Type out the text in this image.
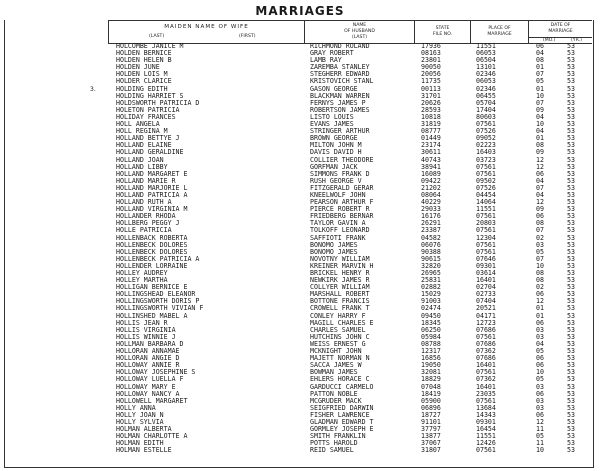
MARRIAGES
MAIDEN NAME OF WIFE
(LAST)	(FIRST)
NAME
OF HUSBAND
(LAST)
STATE
FILE NO.
PLACE OF
MARRIAGE
DATE OF
MARRIAGE
(MO.)	(YR.)
3.
HOLCOMBE JANICE M	RICHMOND ROLAND	17936	11551	06	53
HOLDEN BERNICE	GRAY ROBERT	08163	06053	04	53
HOLDEN HELEN B	LAMB RAY	23801	06504	08	53
HOLDEN JUNE	ZAREMBA STANLEY	90050	13101	01	53
HOLDEN LOIS M	STEGHERR EDWARD	20056	02346	07	53
HOLDER CLARICE	KRISTOVICH STANL	11735	06053	05	53
HOLDING EDITH	GASON GEORGE	00113	02346	01	53
HOLDING HARRIET S	BLACKMAN WARREN	31701	06455	10	53
HOLDSWORTH PATRICIA D	FERNYS JAMES P	20626	05704	07	53
HOLETON PATRICIA	ROBERTSON JAMES	28593	17404	09	53
HOLIDAY FRANCES	LISTO LOUIS	10818	80603	04	53
HOLL ANGELA	EVANS JAMES	31819	07561	10	53
HOLL REGINA M	STRINGER ARTHUR	08777	07526	04	53
HOLLAND BETTYE J	BROWN GEORGE	01449	09052	01	53
HOLLAND ELAINE	MILTON JOHN M	23174	02223	08	53
HOLLAND GERALDINE	DAVIS DAVID H	30611	16403	09	53
HOLLAND JOAN	COLLIER THEODORE	40743	03723	12	53
HOLLAND LIBBY	GORFMAN JACK	38941	07561	12	53
HOLLAND MARGARET E	SIMMONS FRANK D	16089	07561	06	53
HOLLAND MARIE R	RUSH GEORGE V	09422	09502	04	53
HOLLAND MARJORIE L	FITZGERALD GERAR	21202	07526	07	53
HOLLAND PATRICIA A	KNEELWOLF JOHN	08064	04454	04	53
HOLLAND RUTH A	PEARSON ARTHUR F	40229	14064	12	53
HOLLAND VIRGINIA M	PIERCE ROBERT R	29033	11551	09	53
HOLLANDER RHODA	FRIEDBERG BERNAR	16176	07561	06	53
HOLLBERG PEGGY J	TAYLOR GAVIN A	26291	20803	08	53
HOLLE PATRICIA	TOLKOFF LEONARD	23387	07561	07	53
HOLLENBACK ROBERTA	SAFFIOTI FRANK	04582	12304	02	53
HOLLENBECK DOLORES	BONOMO JAMES	06076	07561	03	53
HOLLENBECK DOLORES	BONOMO JAMES	90388	07561	05	53
HOLLENBECK PATRICIA A	NOVOTNY WILLIAM	90615	07646	07	53
HOLLENDER LORRAINE	KREINER MARVIN H	32820	09301	10	53
HOLLEY AUDREY	BRICKEL HENRY R	26965	03614	08	53
HOLLEY MARTHA	NEWKIRK JAMES R	25831	16401	08	53
HOLLIGAN BERNICE E	COLLYER WILLIAM	02882	02704	02	53
HOLLINGSHEAD ELEANOR	MARSHALL ROBERT	15029	02733	06	53
HOLLINGSWORTH DORIS P	BOTTONE FRANCIS	91003	07404	12	53
HOLLINGSWORTH VIVIAN F	CROWELL FRANK T	02474	20521	01	53
HOLLINSHED MABEL A	CONLEY HARRY F	09450	04171	01	53
HOLLIS JEAN R	MAGILL CHARLES E	18345	12723	06	53
HOLLIS VIRGINIA	CHARLES SAMUEL	06250	07686	03	53
HOLLIS WINNIE J	HUTCHINS JOHN C	05984	07561	03	53
HOLLMAN BARBARA D	WEISS ERNEST G	08788	07686	04	53
HOLLORAN ANNAMAE	MCKNIGHT JOHN	12317	07362	05	53
HOLLORAN ANGIE D	MAJETT NORMAN N	16856	07686	06	53
HOLLOWAY ANNIE R	SACCA JAMES W	19050	16401	06	53
HOLLOWAY JOSEPHINE S	BOWMAN JAMES	32081	07561	10	53
HOLLOWAY LUELLA F	EHLERS HORACE C	18829	07362	05	53
HOLLOWAY MARY E	GARDUCCI CARMELO	07048	16401	03	53
HOLLOWAY NANCY A	PATTON NOBLE	18419	23035	06	53
HOLLOWELL MARGARET	MCGRUDER MACK	05900	07561	03	53
HOLLY ANNA	SEIGFRIED DARWIN	06896	13684	03	53
HOLLY JOAN N	FISHER LAWRENCE	18727	14343	06	53
HOLLY SYLVIA	GLADMAN EDWARD T	91101	09301	12	53
HOLMAN ALBERTA	GORMLEY JOSEPH E	37797	16454	11	53
HOLMAN CHARLOTTE A	SMITH FRANKLIN	13877	11551	05	53
HOLMAN EDITH	POTTS HAROLD	37067	12426	11	53
HOLMAN ESTELLE	REID SAMUEL	31807	07561	10	53
